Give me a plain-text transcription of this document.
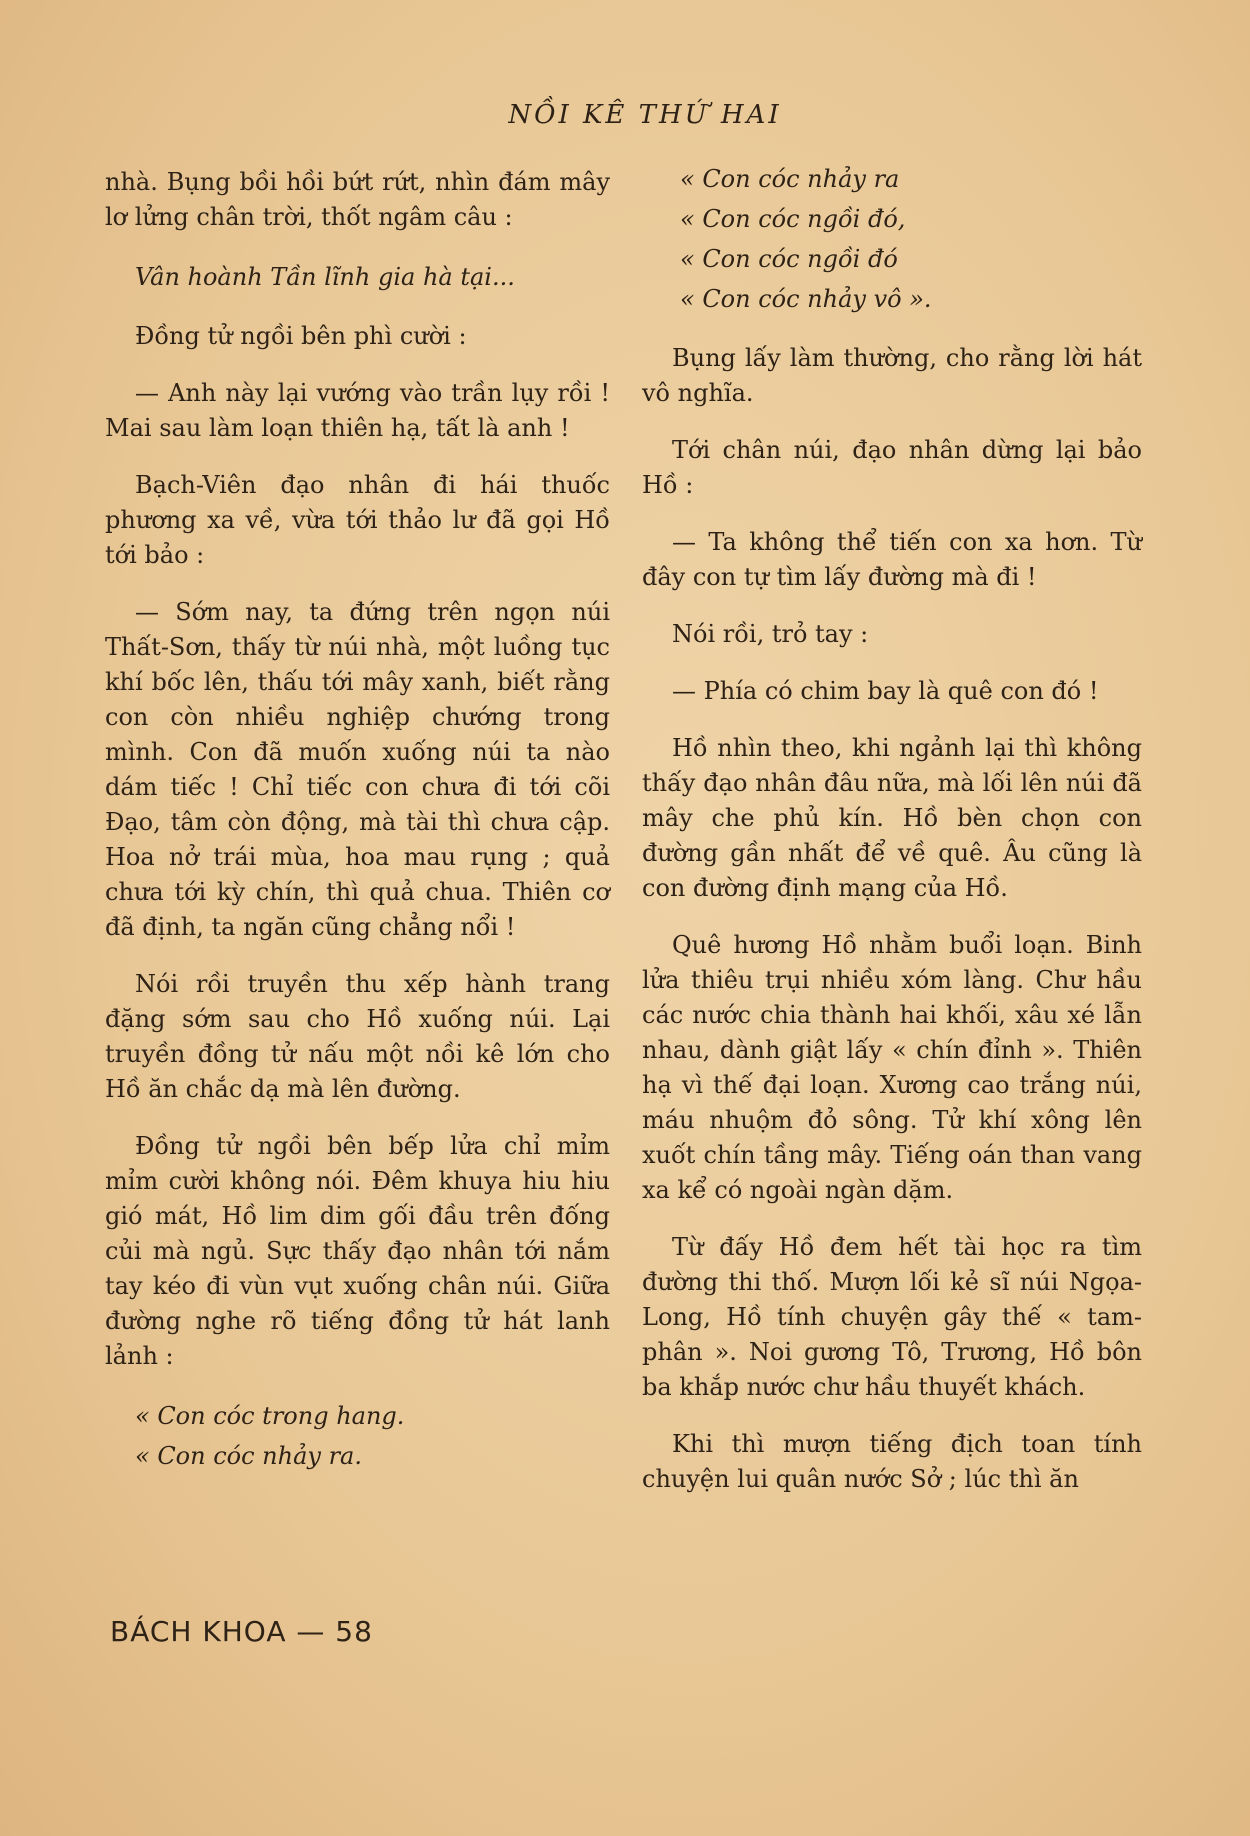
NỒI KÊ THỨ HAI

nhà. Bụng bồi hồi bứt rứt, nhìn đám mây lơ lửng chân trời, thốt ngâm câu :

Vân hoành Tần lĩnh gia hà tại...

Đồng tử ngồi bên phì cười :

— Anh này lại vướng vào trần lụy rồi ! Mai sau làm loạn thiên hạ, tất là anh !

Bạch-Viên đạo nhân đi hái thuốc phương xa về, vừa tới thảo lư đã gọi Hồ tới bảo :

— Sớm nay, ta đứng trên ngọn núi Thất-Sơn, thấy từ núi nhà, một luồng tục khí bốc lên, thấu tới mây xanh, biết rằng con còn nhiều nghiệp chướng trong mình. Con đã muốn xuống núi ta nào dám tiếc ! Chỉ tiếc con chưa đi tới cõi Đạo, tâm còn động, mà tài thì chưa cập. Hoa nở trái mùa, hoa mau rụng ; quả chưa tới kỳ chín, thì quả chua. Thiên cơ đã định, ta ngăn cũng chẳng nổi !

Nói rồi truyền thu xếp hành trang đặng sớm sau cho Hồ xuống núi. Lại truyền đồng tử nấu một nồi kê lớn cho Hồ ăn chắc dạ mà lên đường.

Đồng tử ngồi bên bếp lửa chỉ mỉm mỉm cười không nói. Đêm khuya hiu hiu gió mát, Hồ lim dim gối đầu trên đống củi mà ngủ. Sực thấy đạo nhân tới nắm tay kéo đi vùn vụt xuống chân núi. Giữa đường nghe rõ tiếng đồng tử hát lanh lảnh :

« Con cóc trong hang.
« Con cóc nhảy ra.
« Con cóc nhảy ra
« Con cóc ngồi đó,
« Con cóc ngồi đó
« Con cóc nhảy vô ».

Bụng lấy làm thường, cho rằng lời hát vô nghĩa.

Tới chân núi, đạo nhân dừng lại bảo Hồ :

— Ta không thể tiến con xa hơn. Từ đây con tự tìm lấy đường mà đi !

Nói rồi, trỏ tay :

— Phía có chim bay là quê con đó !

Hồ nhìn theo, khi ngảnh lại thì không thấy đạo nhân đâu nữa, mà lối lên núi đã mây che phủ kín. Hồ bèn chọn con đường gần nhất để về quê. Âu cũng là con đường định mạng của Hồ.

Quê hương Hồ nhằm buổi loạn. Binh lửa thiêu trụi nhiều xóm làng. Chư hầu các nước chia thành hai khối, xâu xé lẫn nhau, dành giật lấy « chín đỉnh ». Thiên hạ vì thế đại loạn. Xương cao trắng núi, máu nhuộm đỏ sông. Tử khí xông lên xuốt chín tầng mây. Tiếng oán than vang xa kể có ngoài ngàn dặm.

Từ đấy Hồ đem hết tài học ra tìm đường thi thố. Mượn lối kẻ sĩ núi Ngọa-Long, Hồ tính chuyện gây thế « tam-phân ». Noi gương Tô, Trương, Hồ bôn ba khắp nước chư hầu thuyết khách.

Khi thì mượn tiếng địch toan tính chuyện lui quân nước Sở ; lúc thì ăn

BÁCH KHOA — 58
